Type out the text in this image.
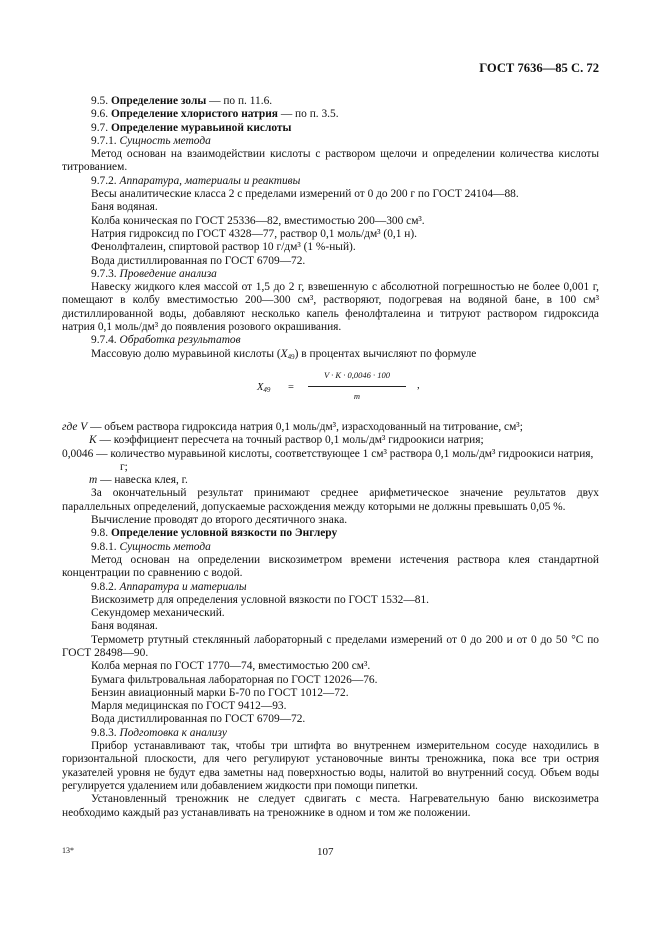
ГОСТ 7636—85 С. 72

9.5. Определение золы — по п. 11.6.

9.6. Определение хлористого натрия — по п. 3.5.

9.7. Определение муравьиной кислоты

9.7.1. Сущность метода

Метод основан на взаимодействии кислоты с раствором щелочи и определении количества кислоты титрованием.

9.7.2. Аппаратура, материалы и реактивы

Весы аналитические класса 2 с пределами измерений от 0 до 200 г по ГОСТ 24104—88.

Баня водяная.

Колба коническая по ГОСТ 25336—82, вместимостью 200—300 см³.

Натрия гидроксид по ГОСТ 4328—77, раствор 0,1 моль/дм³ (0,1 н).

Фенолфталеин, спиртовой раствор 10 г/дм³ (1 %-ный).

Вода дистиллированная по ГОСТ 6709—72.

9.7.3. Проведение анализа

Навеску жидкого клея массой от 1,5 до 2 г, взвешенную с абсолютной погрешностью не более 0,001 г, помещают в колбу вместимостью 200—300 см³, растворяют, подогревая на водяной бане, в 100 см³ дистиллированной воды, добавляют несколько капель фенолфталеина и титруют раствором гидроксида натрия 0,1 моль/дм³ до появления розового окрашивания.

9.7.4. Обработка результатов

Массовую долю муравьиной кислоты $(X_{49})$ в процентах вычисляют по формуле

$X_{49}$ =
V · K · 0,0046 · 100
m
,

где V — объем раствора гидроксида натрия 0,1 моль/дм³, израсходованный на титрование, см³;

K — коэффициент пересчета на точный раствор 0,1 моль/дм³ гидроокиси натрия;

0,0046 — количество муравьиной кислоты, соответствующее 1 см³ раствора 0,1 моль/дм³ гидроокиси натрия, г;

m — навеска клея, г.

За окончательный результат принимают среднее арифметическое значение реультатов двух параллельных определений, допускаемые расхождения между которыми не должны превышать 0,05 %.

Вычисление проводят до второго десятичного знака.

9.8. Определение условной вязкости по Энглеру

9.8.1. Сущность метода

Метод основан на определении вискозиметром времени истечения раствора клея стандартной концентрации по сравнению с водой.

9.8.2. Аппаратура и материалы

Вискозиметр для определения условной вязкости по ГОСТ 1532—81.

Секундомер механический.

Баня водяная.

Термометр ртутный стеклянный лабораторный с пределами измерений от 0 до 200 и от 0 до 50 °С по ГОСТ 28498—90.

Колба мерная по ГОСТ 1770—74, вместимостью 200 см³.

Бумага фильтровальная лабораторная по ГОСТ 12026—76.

Бензин авиационный марки Б-70 по ГОСТ 1012—72.

Марля медицинская по ГОСТ 9412—93.

Вода дистиллированная по ГОСТ 6709—72.

9.8.3. Подготовка к анализу

Прибор устанавливают так, чтобы три штифта во внутреннем измерительном сосуде находились в горизонтальной плоскости, для чего регулируют установочные винты треножника, пока все три острия указателей уровня не будут едва заметны над поверхностью воды, налитой во внутренний сосуд. Объем воды регулируется удалением или добавлением жидкости при помощи пипетки.

Установленный треножник не следует сдвигать с места. Нагревательную баню вискозиметра необходимо каждый раз устанавливать на треножнике в одном и том же положении.

13*	107
